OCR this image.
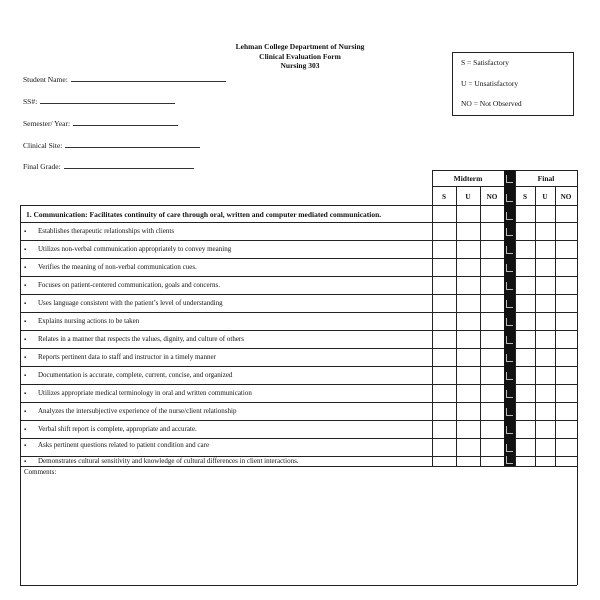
Lehman College Department of Nursing
Clinical Evaluation Form
Nursing 303	S = Satisfactory
U = Unsatisfactory
NO = Not Observed
Student Name:
SS#:
Semester/ Year:
Clinical Site:
Final Grade:
Midterm	Final
S	U	NO	S	U	NO
1. Communication: Facilitates continuity of care through oral, written and computer mediated communication.
▪ Establishes therapeutic relationships with clients
▪ Utilizes non-verbal communication appropriately to convey meaning
▪ Verifies the meaning of non-verbal communication cues.
▪ Focuses on patient-centered communication, goals and concerns.
▪ Uses language consistent with the patient’s level of understanding
▪ Explains nursing actions to be taken
▪ Relates in a manner that respects the values, dignity, and culture of others
▪ Reports pertinent data to staff and instructor in a timely manner
▪ Documentation is accurate, complete, current, concise, and organized
▪ Utilizes appropriate medical terminology in oral and written communication
▪ Analyzes the intersubjective experience of the nurse/client relationship
▪ Verbal shift report is complete, appropriate and accurate.
▪ Asks pertinent questions related to patient condition and care
▪ Demonstrates cultural sensitivity and knowledge of cultural differences in client interactions.
Comments:
